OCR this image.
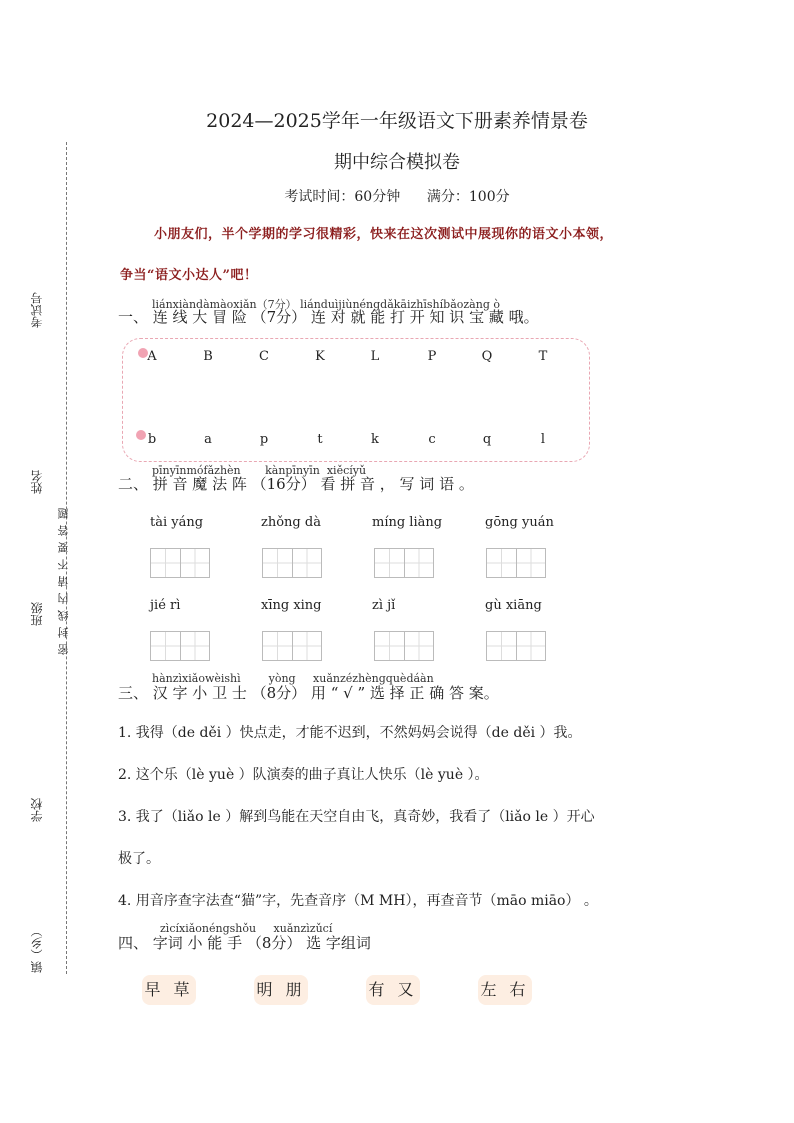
考试号
姓名
班级
学校
镇（乡）
密封线内请不要答题
2024—2025学年一年级语文下册素养情景卷
期中综合模拟卷
考试时间：60分钟      满分：100分
小朋友们，半个学期的学习很精彩，快来在这次测试中展现你的语文小本领，
争当“语文小达人”吧！
liánxiàndàmàoxiǎn（7分） liánduìjiùnéngdǎkāizhīshíbǎozàng ò
一、 连 线 大 冒 险 （7分） 连 对 就 能 打 开 知 识 宝 藏 哦。
A	B	C	K	L	P	Q	T
b	a	p	t	k	c	q	l
pīnyīnmófǎzhèn       kànpīnyīn  xiěcíyǔ
二、 拼 音 魔 法 阵 （16分） 看 拼 音 ， 写 词 语 。
tài yáng	zhǒng dà	míng liàng	gōng yuán
jié rì	xīng xing	zì jǐ	gù xiāng
hànzìxiǎowèishì        yòng     xuǎnzézhèngquèdáàn
三、 汉 字 小 卫 士 （8分） 用 “ √ ” 选 择 正 确 答 案。
1. 我得（de děi ）快点走，才能不迟到，不然妈妈会说得（de děi ）我。
2. 这个乐（lè yuè ）队演奏的曲子真让人快乐（lè yuè ）。
3. 我了（liǎo le ）解到鸟能在天空自由飞，真奇妙，我看了（liǎo le ）开心
极了。
4. 用音序查字法查“猫”字，先查音序（M MH），再查音节（māo miāo） 。
zìcíxiǎonéngshǒu     xuǎnzìzǔcí
四、 字词 小 能 手 （8分） 选 字组词
早 草	明 朋	有 又	左 右
